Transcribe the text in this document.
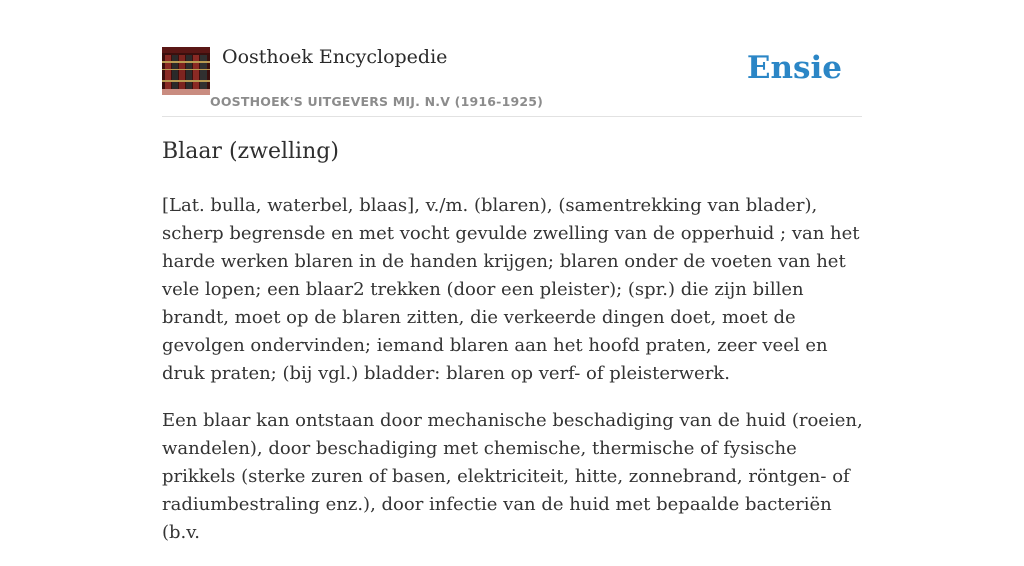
Oosthoek Encyclopedie
OOSTHOEK'S UITGEVERS MIJ. N.V (1916-1925)
Ensie
Blaar (zwelling)

[Lat. bulla, waterbel, blaas], v./m. (blaren), (samentrekking van blader), scherp begrensde en met vocht gevulde zwelling van de opperhuid ; van het harde werken blaren in de handen krijgen; blaren onder de voeten van het vele lopen; een blaar2 trekken (door een pleister); (spr.) die zijn billen brandt, moet op de blaren zitten, die verkeerde dingen doet, moet de gevolgen ondervinden; iemand blaren aan het hoofd praten, zeer veel en druk praten; (bij vgl.) bladder: blaren op verf- of pleisterwerk.

Een blaar kan ontstaan door mechanische beschadiging van de huid (roeien, wandelen), door beschadiging met chemische, thermische of fysische prikkels (sterke zuren of basen, elektriciteit, hitte, zonnebrand, röntgen- of radiumbestraling enz.), door infectie van de huid met bepaalde bacteriën (b.v.
